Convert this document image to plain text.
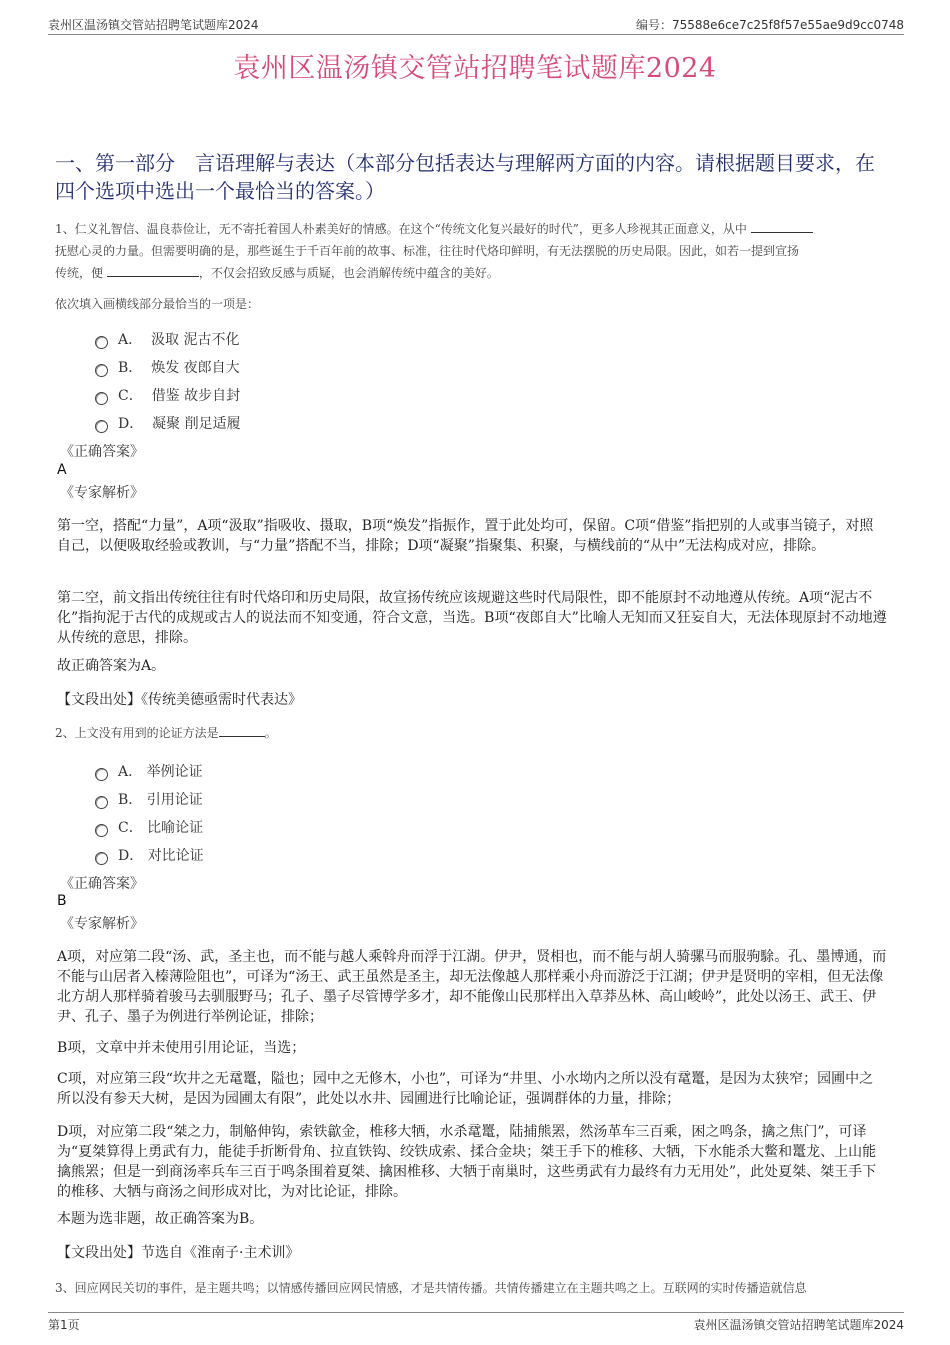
袁州区温汤镇交管站招聘笔试题库2024	编号：75588e6ce7c25f8f57e55ae9d9cc0748
袁州区温汤镇交管站招聘笔试题库2024
一、第一部分　言语理解与表达（本部分包括表达与理解两方面的内容。请根据题目要求，在四个选项中选出一个最恰当的答案。）
1、仁义礼智信、温良恭俭让，无不寄托着国人朴素美好的情感。在这个“传统文化复兴最好的时代”，更多人珍视其正面意义，从中
抚慰心灵的力量。但需要明确的是，那些诞生于千百年前的故事、标准，往往时代烙印鲜明，有无法摆脱的历史局限。因此，如若一提到宣扬
传统，便	，不仅会招致反感与质疑，也会消解传统中蕴含的美好。
依次填入画横线部分最恰当的一项是：
A．
汲取 泥古不化
B．
焕发 夜郎自大
C．
借鉴 故步自封
D．
凝聚 削足适履
《正确答案》
A
《专家解析》
第一空，搭配“力量”，A项“汲取”指吸收、摄取，B项“焕发”指振作，置于此处均可，保留。C项“借鉴”指把别的人或事当镜子，对照自己，以便吸取经验或教训，与“力量”搭配不当，排除；D项“凝聚”指聚集、积聚，与横线前的“从中”无法构成对应，排除。
第二空，前文指出传统往往有时代烙印和历史局限，故宣扬传统应该规避这些时代局限性，即不能原封不动地遵从传统。A项“泥古不化”指拘泥于古代的成规或古人的说法而不知变通，符合文意，当选。B项“夜郎自大”比喻人无知而又狂妄自大，无法体现原封不动地遵从传统的意思，排除。
故正确答案为A。
【文段出处】《传统美德亟需时代表达》
2、上文没有用到的论证方法是	。
A．
举例论证
B．
引用论证
C．
比喻论证
D．
对比论证
《正确答案》
B
《专家解析》
A项，对应第二段“汤、武，圣主也，而不能与越人乘斡舟而浮于江湖。伊尹，贤相也，而不能与胡人骑骡马而服驹駼。孔、墨博通，而不能与山居者入榛薄险阻也”，可译为“汤王、武王虽然是圣主，却无法像越人那样乘小舟而游泛于江湖；伊尹是贤明的宰相，但无法像北方胡人那样骑着骏马去驯服野马；孔子、墨子尽管博学多才，却不能像山民那样出入草莽丛林、高山峻岭”，此处以汤王、武王、伊尹、孔子、墨子为例进行举例论证，排除；
B项，文章中并未使用引用论证，当选；
C项，对应第三段“坎井之无鼋鼍，隘也；园中之无修木，小也”，可译为“井里、小水坳内之所以没有鼋鼍，是因为太狭窄；园圃中之所以没有参天大树，是因为园圃太有限”，此处以水井、园圃进行比喻论证，强调群体的力量，排除；
D项，对应第二段“桀之力，制觡伸钩，索铁歙金，椎移大牺，水杀鼋鼍，陆捕熊罴，然汤革车三百乘，困之鸣条，擒之焦门”，可译为“夏桀算得上勇武有力，能徒手折断骨角、拉直铁钩、绞铁成索、揉合金块；桀王手下的椎移、大牺，下水能杀大鳖和鼍龙、上山能擒熊罴；但是一到商汤率兵车三百于鸣条围着夏桀、擒困椎移、大牺于南巢时，这些勇武有力最终有力无用处”，此处夏桀、桀王手下的椎移、大牺与商汤之间形成对比，为对比论证，排除。
本题为选非题，故正确答案为B。
【文段出处】节选自《淮南子·主术训》
3、回应网民关切的事件，是主题共鸣；以情感传播回应网民情感，才是共情传播。共情传播建立在主题共鸣之上。互联网的实时传播造就信息
第1页	袁州区温汤镇交管站招聘笔试题库2024
